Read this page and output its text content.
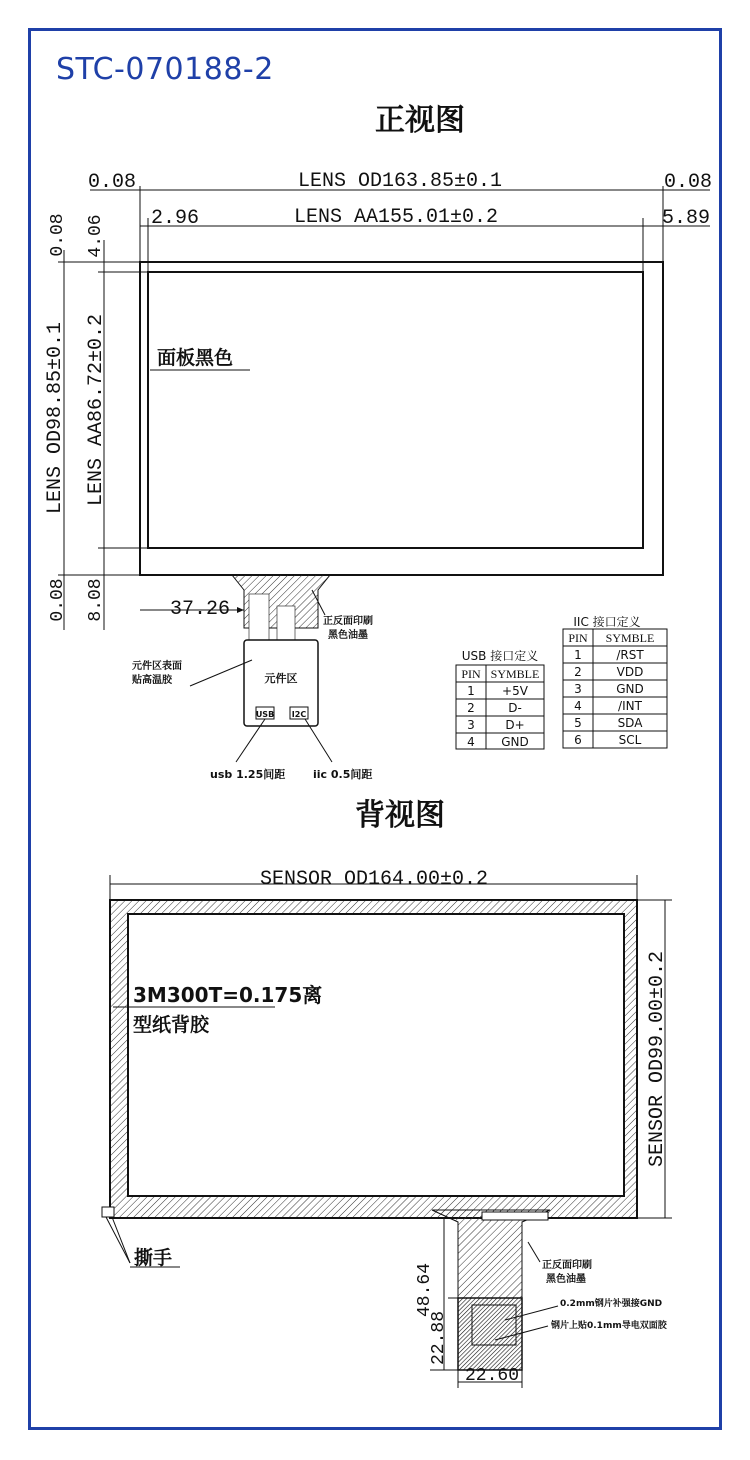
STC-070188-2
正视图
0.08	LENS OD163.85±0.1	0.08
2.96	LENS AA155.01±0.2	5.89
0.08 4.06
LENS OD98.85±0.1 LENS AA86.72±0.2
0.08 8.08
面板黑色
元件区
USB I2C
37.26
元件区表面
贴高温胶
正反面印刷
黑色油墨
usb 1.25间距	iic 0.5间距
USB 接口定义
PIN SYMBLE
1 +5V
2	D-
3	D+
4 GND
IIC 接口定义
PIN SYMBLE
1	/RST
2	VDD
3	GND
4	/INT
5	SDA
6	SCL
背视图
SENSOR OD164.00±0.2
SENSOR OD99.00±0.2
3M300T=0.175离
型纸背胶
撕手
48.64
22.88
22.60
正反面印刷
黑色油墨
0.2mm钢片补强接GND
钢片上贴0.1mm导电双面胶
